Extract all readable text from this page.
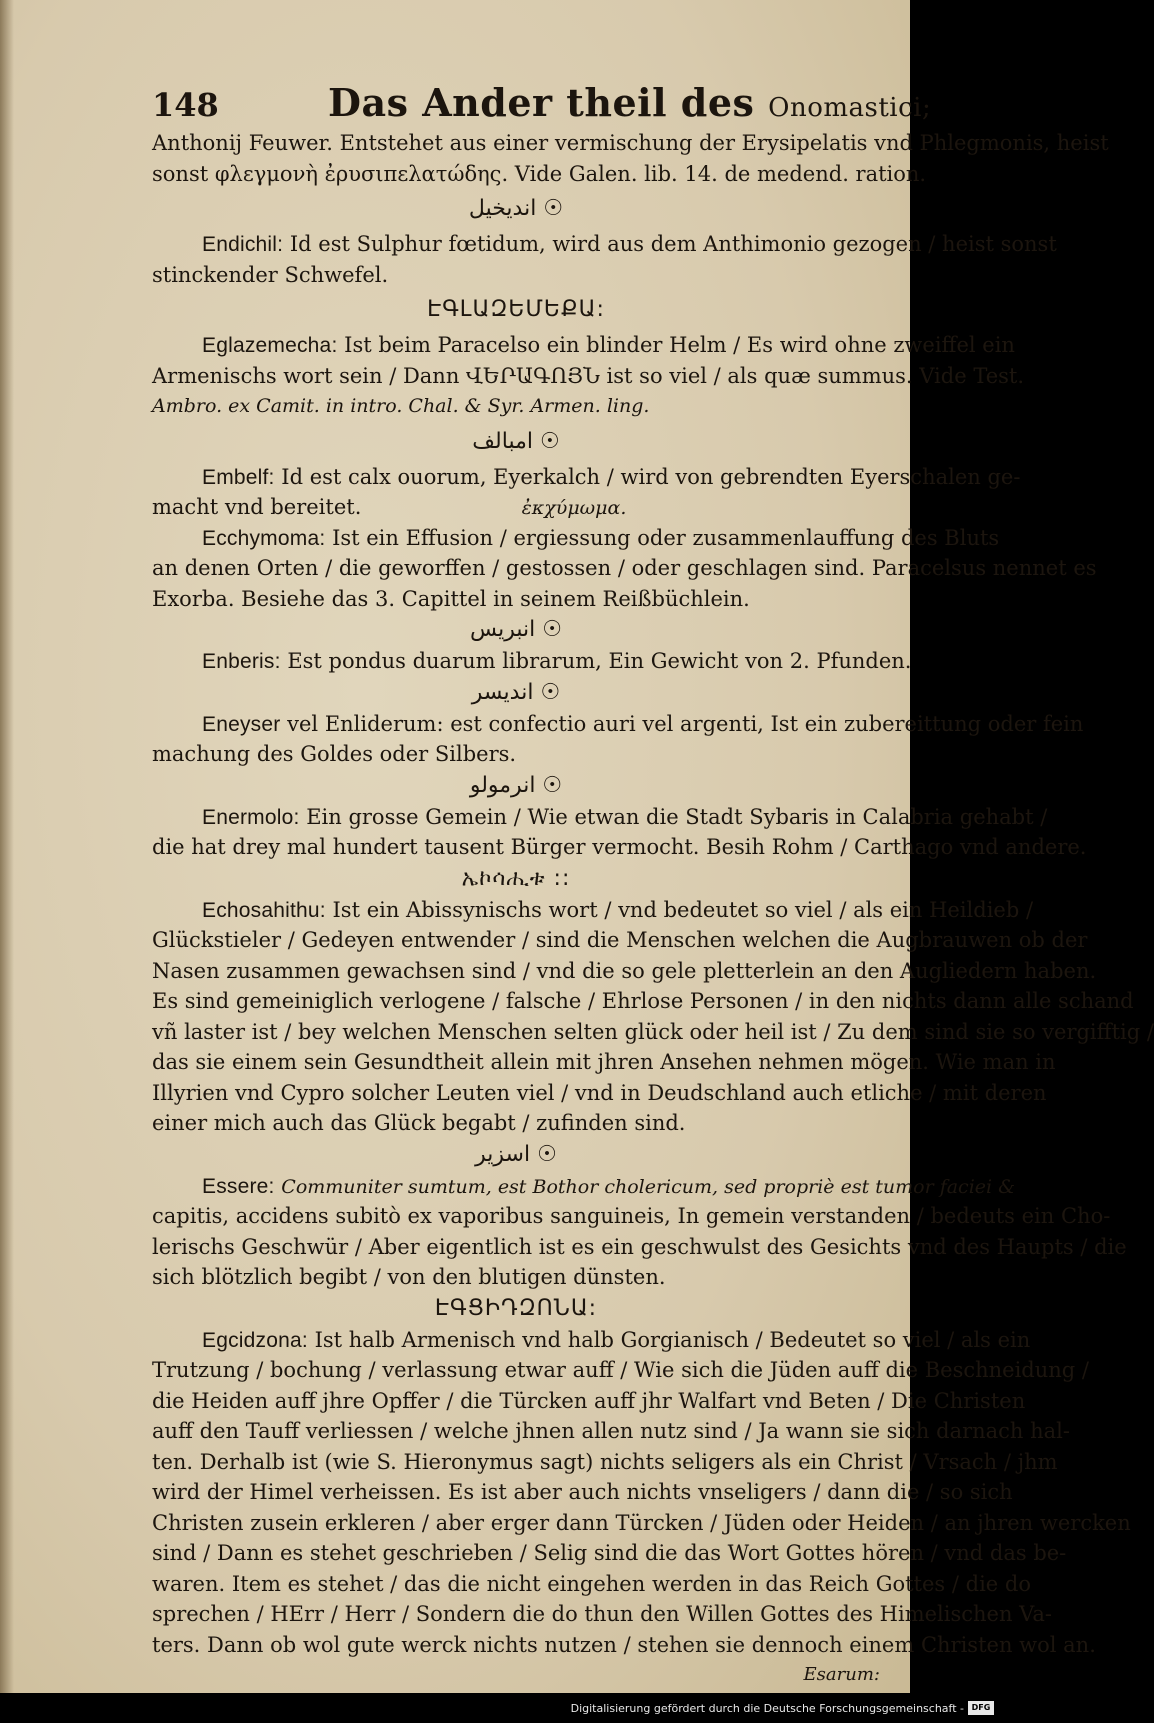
148	Das Ander theil des Onomastici;
Anthonij Feuwer. Entstehet aus einer vermischung der Erysipelatis vnd Phlegmonis, heist
sonst φλεγμονὴ ἐρυσιπελατώδης. Vide Galen. lib. 14. de medend. ration.
انديخيل ☉
Endichil: Id est Sulphur fœtidum, wird aus dem Anthimonio gezogen / heist sonst
stinckender Schwefel.
ԷԳԼԱԶԵՄԵՔԱ:
Eglazemecha: Ist beim Paracelso ein blinder Helm / Es wird ohne zweiffel ein
Armenischs wort sein / Dann ՎԵՐԱԳՈՅՆ ist so viel / als quæ summus. Vide Test.
Ambro. ex Camit. in intro. Chal. & Syr. Armen. ling.
امبالف ☉
Embelf: Id est calx ouorum, Eyerkalch / wird von gebrendten Eyerschalen ge-
macht vnd bereitet.	ἐκχύμωμα.
Ecchymoma: Ist ein Effusion / ergiessung oder zusammenlauffung des Bluts
an denen Orten / die geworffen / gestossen / oder geschlagen sind. Paracelsus nennet es
Exorba. Besiehe das 3. Capittel in seinem Reißbüchlein.
انبريس ☉
Enberis: Est pondus duarum librarum, Ein Gewicht von 2. Pfunden.
انديسر ☉
Eneyser vel Enliderum: est confectio auri vel argenti, Ist ein zubereittung oder fein
machung des Goldes oder Silbers.
انرمولو ☉
Enermolo: Ein grosse Gemein / Wie etwan die Stadt Sybaris in Calabria gehabt /
die hat drey mal hundert tausent Bürger vermocht. Besih Rohm / Carthago vnd andere.
ኤኮሳሒቱ ::
Echosahithu: Ist ein Abissynischs wort / vnd bedeutet so viel / als ein Heildieb /
Glückstieler / Gedeyen entwender / sind die Menschen welchen die Augbrauwen ob der
Nasen zusammen gewachsen sind / vnd die so gele pletterlein an den Augliedern haben.
Es sind gemeiniglich verlogene / falsche / Ehrlose Personen / in den nichts dann alle schand
vñ laster ist / bey welchen Menschen selten glück oder heil ist / Zu dem sind sie so vergifftig /
das sie einem sein Gesundtheit allein mit jhren Ansehen nehmen mögen. Wie man in
Illyrien vnd Cypro solcher Leuten viel / vnd in Deudschland auch etliche / mit deren
einer mich auch das Glück begabt / zufinden sind.
اسزير ☉
Essere: Communiter sumtum, est Bothor cholericum, sed propriè est tumor faciei &
capitis, accidens subitò ex vaporibus sanguineis, In gemein verstanden / bedeuts ein Cho-
lerischs Geschwür / Aber eigentlich ist es ein geschwulst des Gesichts vnd des Haupts / die
sich blötzlich begibt / von den blutigen dünsten.
ԷԳՑԻԴԶՈՆԱ:
Egcidzona: Ist halb Armenisch vnd halb Gorgianisch / Bedeutet so viel / als ein
Trutzung / bochung / verlassung etwar auff / Wie sich die Jüden auff die Beschneidung /
die Heiden auff jhre Opffer / die Türcken auff jhr Walfart vnd Beten / Die Christen
auff den Tauff verliessen / welche jhnen allen nutz sind / Ja wann sie sich darnach hal-
ten. Derhalb ist (wie S. Hieronymus sagt) nichts seligers als ein Christ / Vrsach / jhm
wird der Himel verheissen. Es ist aber auch nichts vnseligers / dann die / so sich
Christen zusein erkleren / aber erger dann Türcken / Jüden oder Heiden / an jhren wercken
sind / Dann es stehet geschrieben / Selig sind die das Wort Gottes hören / vnd das be-
waren. Item es stehet / das die nicht eingehen werden in das Reich Gottes / die do
sprechen / HErr / Herr / Sondern die do thun den Willen Gottes des Himelischen Va-
ters. Dann ob wol gute werck nichts nutzen / stehen sie dennoch einem Christen wol an.
Esarum:
Digitalisierung gefördert durch die Deutsche Forschungsgemeinschaft - DFG
